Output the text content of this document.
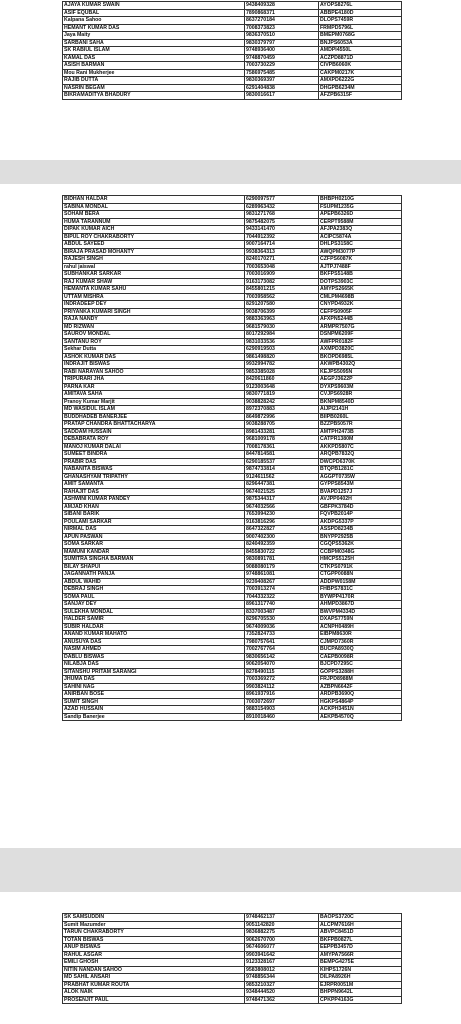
AJAYA KUMAR SWAIN	9438409328	AYOPS8276L
ASIF EQUBAL	7890868371	ABBPE4180D
Kalpana Sahoo	8637270184	DLOPS7459R
HEMANT KUMAR DAS	7008373823	FRMPD5796L
Jaya Maity	9836370510	BMEPM0768G
SARBANI SAHA	9830379797	BNJPS6053A
SK RABIUL ISLAM	9748936400	AMDPI4550L
KAMAL DAS	9748870459	ACZPD8871D
ASISH BARMAN	7003730229	CIVPB6060K
Mou Rani Mukherjee	7586975485	CAKPM0217K
RAJIB DUTTA	9830369397	AMXPD6222G
NASRIN BEGAM	6291404838	DHGPB6234M
BIKRAMADITYA BHADURY	9830016617	AFZPB6315F
BIDHAN HALDAR	6290097577	BHBPH0210G
SABINA MONDAL	6289963432	FSUPM1235G
SOHAM BERA	9831271768	APEPB6326D
HUMA TARANNUM	9875482075	CERPT9588M
DIPAK KUMAR AICH	9433141470	AFJPA2383Q
BIPUL ROY CHAKRABORTY	7044912392	ACIPC5874A
ABDUL SAYEED	9007164714	DHLPS3158C
BIRAJA PRASAD MOHANTY	9938364313	AWQPM3077P
RAJESH SINGH	8240170271	CZFPS6087K
rahul jaiswal	7003653048	AJTPJ7488F
SUBHANKAR SARKAR	7003016909	BKFPS5148B
RAJ KUMAR SHAW	9163173082	DOTPS3903C
HEMANTA KUMAR SAHU	8455801215	AMYPS2665K
UTTAM MISHRA	7003958562	CMLPM4698B
INDRADEEP DEY	8291207580	CNYPD4932K
PRIYANKA KUMARI SINGH	9038706399	CEFPS0905F
RAJA NANDY	9883363963	AFXPN5244B
MD RIZWAN	9681579030	ARMPR7507G
SAUROV MONDAL	8017292984	DSNPM6209F
SANTANU ROY	9831033536	AWFPR0182F
Sekhar Dutta	6290919503	AXMPD3820C
ASHOK KUMAR DAS	9861498820	BKOPD6985L
INDRAJIT BISWAS	9932994782	AKWPB4302Q
RABI NARAYAN SAHOO	9853385028	KEJPS5095N
TRIPURARI JHA	8420611860	AEGPJ3622P
PARNA KAR	9123003648	DYXPS9603M
AMITAVA SAHA	9830771819	CVJPS6928R
Pranoy Kumar Marjit	9038828242	BKNPM8540D
MD WASIDUL ISLAM	8972370883	AIJPI2141H
BUDDHADEB BANERJEE	8649872996	BIIPB0260L
PRATAP CHANDRA BHATTACHARYA	9038288705	BZZPB5057R
SADDAM HUSSAIN	8981433281	AMTPH2473B
DEBABRATA ROY	9681009178	CATPR1380M
MANOJ KUMAR DALAI	7008178361	AKKPD5807C
SUMEET BINDRA	8447814581	ARQPB7832Q
PRABIR DAS	6290185537	DWCPD6370K
NABANITA BISWAS	9874733814	BTQPB1281C
GHANASHYAM TRIPATHY	9124611562	AGGPT0735W
AMIT SAMANTA	8296447381	GYPPS8543M
RAHAJIT DAS	9674021525	BVAPD1257J
ASHWINI KUMAR PANDEY	9875344317	AVJPP0402H
AMJAD KHAN	9674032566	GBFPK3784D
SIBANI BARIK	7653994230	FQVPB2014P
POULAMI SARKAR	9163816296	AKDPG5337P
NIRMAL DAS	8647322827	ASSPD8234B
APUN PASWAN	9007402300	BNYPP2925B
SOMA SARKAR	8240492359	CGQPS5362K
MAMUNI KANDAR	8455830722	CCBPM0348G
SUMITRA SINGHA BARMAN	9830891781	HMCPS5125H
BILAY SHAPUI	9088080179	CTKPS0791K
JAGANNATH PANJA	9748861081	CTGPP0088N
ABDUL WAHID	9239408267	ADDPW0158M
DEBRAJ SINGH	7003913274	FHBPS7831C
SOMA PAUL	7044332322	BYWPP4170R
SANJAY DEY	8961317740	AHMPD3867D
SULEKHA MONDAL	8337003487	BWVPM4334D
HALDER SAMIR	8296705530	DXAPS7759N
SUBIR HALDAR	9674009036	ACNPH0489H
ANAND KUMAR MAHATO	7352824733	EIBPM8630R
ANUSUYA DAS	7980757641	CJMPD7360R
NASIM AHMED	7002767764	BUCPA8930Q
DABLU BISWAS	9830656142	CAEPB0098R
NILABJA DAS	9062054070	BJCPD7295C
SITANSHU PRITAM SARANGI	8278490115	GOPPS3288H
JHUMA DAS	7003369272	FRJPD8988M
SAHINI NAG	9903824112	AZBPN6642F
ANIRBAN BOSE	8961937916	ARDPB3690Q
SUMIT SINGH	7003072697	HGKPS4864P
AZAD HUSSAIN	9883154903	ACKPH3451N
Sandip Banerjee	8910018460	AEKPB4570Q
SK SAMSUDDIN	9748462137	BAOPS3720C
Sumit Mazumder	9051142820	ALCPM7616H
TARUN CHAKRABORTY	9836882275	ABVPC8451D
TOTAN BISWAS	9062670700	BKFPB0827L
ANUP BISWAS	9674606077	EEPPB3457D
RAHUL ASGAR	9903941642	AMYPA7566R
EMILI GHOSH	9123328167	BEMPG4275E
NITIN NANDAN SAHOO	9583808012	KIHPS1726N
MD SAHIL ANSARI	9748856344	DILPA8926H
PRABHAT KUMAR ROUTA	9853210327	EJRPR0051M
ALOK NAIK	9348444520	BHPPN9642L
PROSENJIT PAUL	9748471362	CPKPP4163G
